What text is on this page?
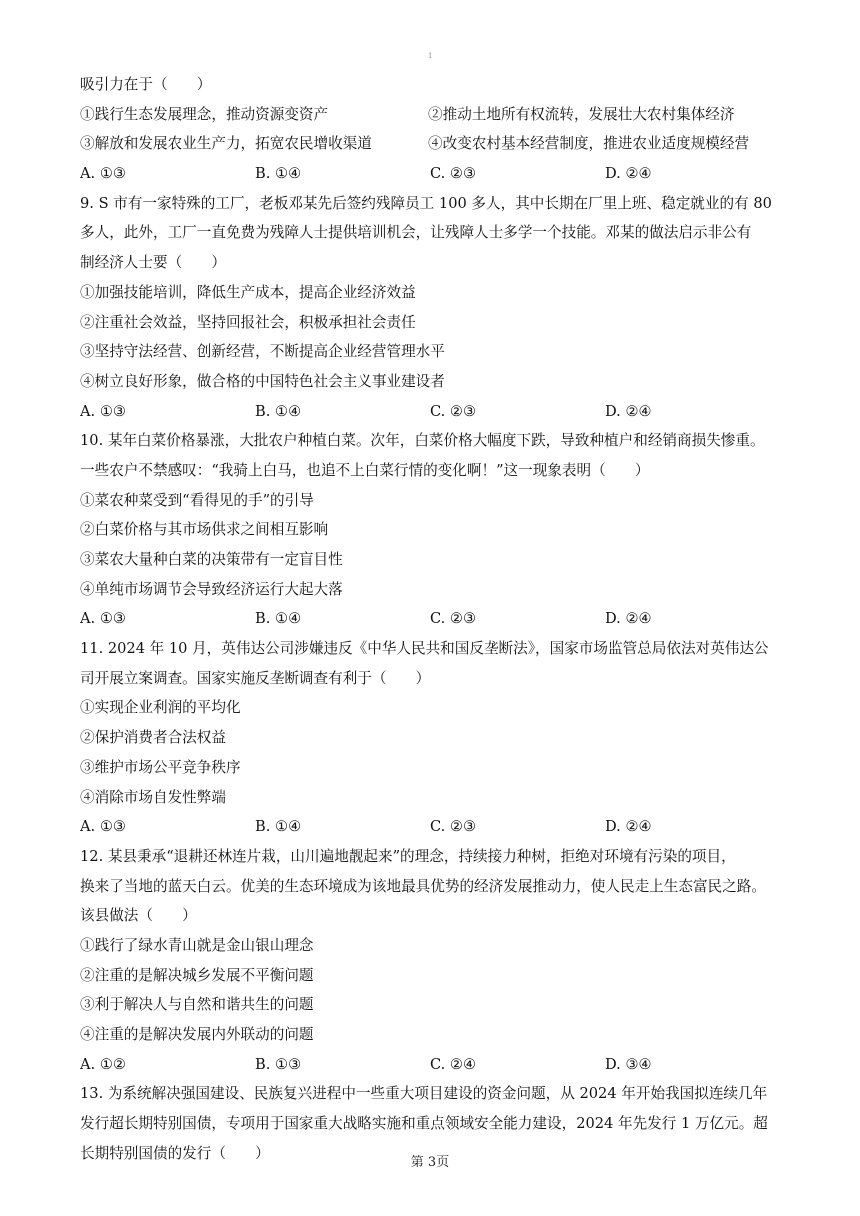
1
吸引力在于（　　）
①践行生态发展理念，推动资源变资产	②推动土地所有权流转，发展壮大农村集体经济
③解放和发展农业生产力，拓宽农民增收渠道	④改变农村基本经营制度，推进农业适度规模经营
A. ①③	B. ①④	C. ②③	D. ②④
9. S 市有一家特殊的工厂，老板邓某先后签约残障员工 100 多人，其中长期在厂里上班、稳定就业的有 80
多人，此外，工厂一直免费为残障人士提供培训机会，让残障人士多学一个技能。邓某的做法启示非公有
制经济人士要（　　）
①加强技能培训，降低生产成本，提高企业经济效益
②注重社会效益，坚持回报社会，积极承担社会责任
③坚持守法经营、创新经营，不断提高企业经营管理水平
④树立良好形象，做合格的中国特色社会主义事业建设者
A. ①③	B. ①④	C. ②③	D. ②④
10. 某年白菜价格暴涨，大批农户种植白菜。次年，白菜价格大幅度下跌，导致种植户和经销商损失惨重。
一些农户不禁感叹：“我骑上白马，也追不上白菜行情的变化啊！”这一现象表明（　　）
①菜农种菜受到“看得见的手”的引导
②白菜价格与其市场供求之间相互影响
③菜农大量种白菜的决策带有一定盲目性
④单纯市场调节会导致经济运行大起大落
A. ①③	B. ①④	C. ②③	D. ②④
11. 2024 年 10 月，英伟达公司涉嫌违反《中华人民共和国反垄断法》，国家市场监管总局依法对英伟达公
司开展立案调查。国家实施反垄断调查有利于（　　）
①实现企业利润的平均化
②保护消费者合法权益
③维护市场公平竞争秩序
④消除市场自发性弊端
A. ①③	B. ①④	C. ②③	D. ②④
12. 某县秉承“退耕还林连片栽，山川遍地靓起来”的理念，持续接力种树，拒绝对环境有污染的项目，
换来了当地的蓝天白云。优美的生态环境成为该地最具优势的经济发展推动力，使人民走上生态富民之路。
该县做法（　　）
①践行了绿水青山就是金山银山理念
②注重的是解决城乡发展不平衡问题
③利于解决人与自然和谐共生的问题
④注重的是解决发展内外联动的问题
A. ①②	B. ①③	C. ②④	D. ③④
13. 为系统解决强国建设、民族复兴进程中一些重大项目建设的资金问题，从 2024 年开始我国拟连续几年
发行超长期特别国债，专项用于国家重大战略实施和重点领域安全能力建设，2024 年先发行 1 万亿元。超
长期特别国债的发行（　　）
第 3页
